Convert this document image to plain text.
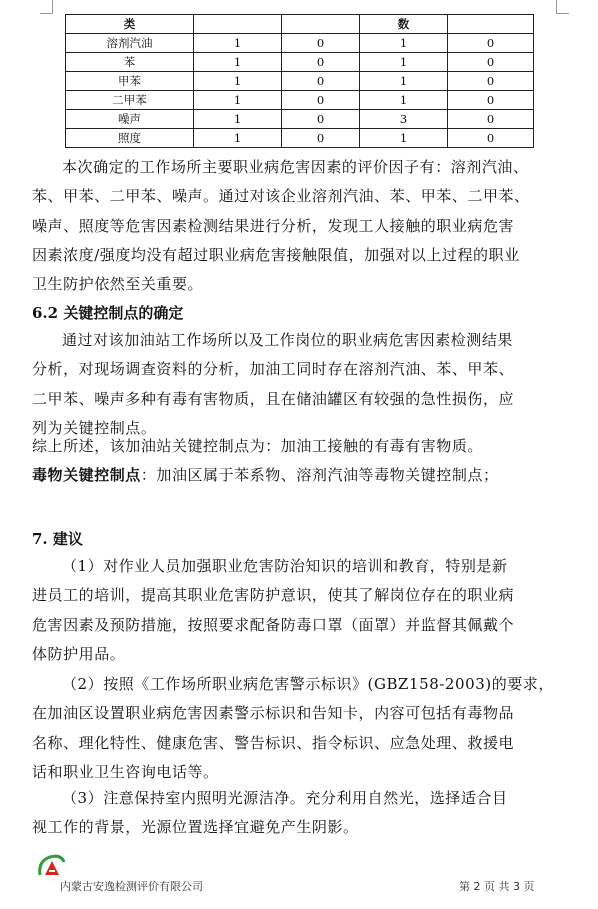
类			数	
溶剂汽油	1	0	1	0
苯	1	0	1	0
甲苯	1	0	1	0
二甲苯	1	0	1	0
噪声	1	0	3	0
照度	1	0	1	0
本次确定的工作场所主要职业病危害因素的评价因子有：溶剂汽油、
苯、甲苯、二甲苯、噪声。通过对该企业溶剂汽油、苯、甲苯、二甲苯、
噪声、照度等危害因素检测结果进行分析，发现工人接触的职业病危害
因素浓度/强度均没有超过职业病危害接触限值，加强对以上过程的职业
卫生防护依然至关重要。
6.2 关键控制点的确定
通过对该加油站工作场所以及工作岗位的职业病危害因素检测结果
分析，对现场调查资料的分析，加油工同时存在溶剂汽油、苯、甲苯、
二甲苯、噪声多种有毒有害物质，且在储油罐区有较强的急性损伤，应
列为关键控制点。
综上所述，该加油站关键控制点为：加油工接触的有毒有害物质。
毒物关键控制点：加油区属于苯系物、溶剂汽油等毒物关键控制点；
7. 建议
（1）对作业人员加强职业危害防治知识的培训和教育，特别是新
进员工的培训，提高其职业危害防护意识，使其了解岗位存在的职业病
危害因素及预防措施，按照要求配备防毒口罩（面罩）并监督其佩戴个
体防护用品。
（2）按照《工作场所职业病危害警示标识》(GBZ158-2003)的要求，
在加油区设置职业病危害因素警示标识和告知卡，内容可包括有毒物品
名称、理化特性、健康危害、警告标识、指令标识、应急处理、救援电
话和职业卫生咨询电话等。
（3）注意保持室内照明光源洁净。充分利用自然光，选择适合目
视工作的背景，光源位置选择宜避免产生阴影。
内蒙古安逸检测评价有限公司	第 2 页 共 3 页
